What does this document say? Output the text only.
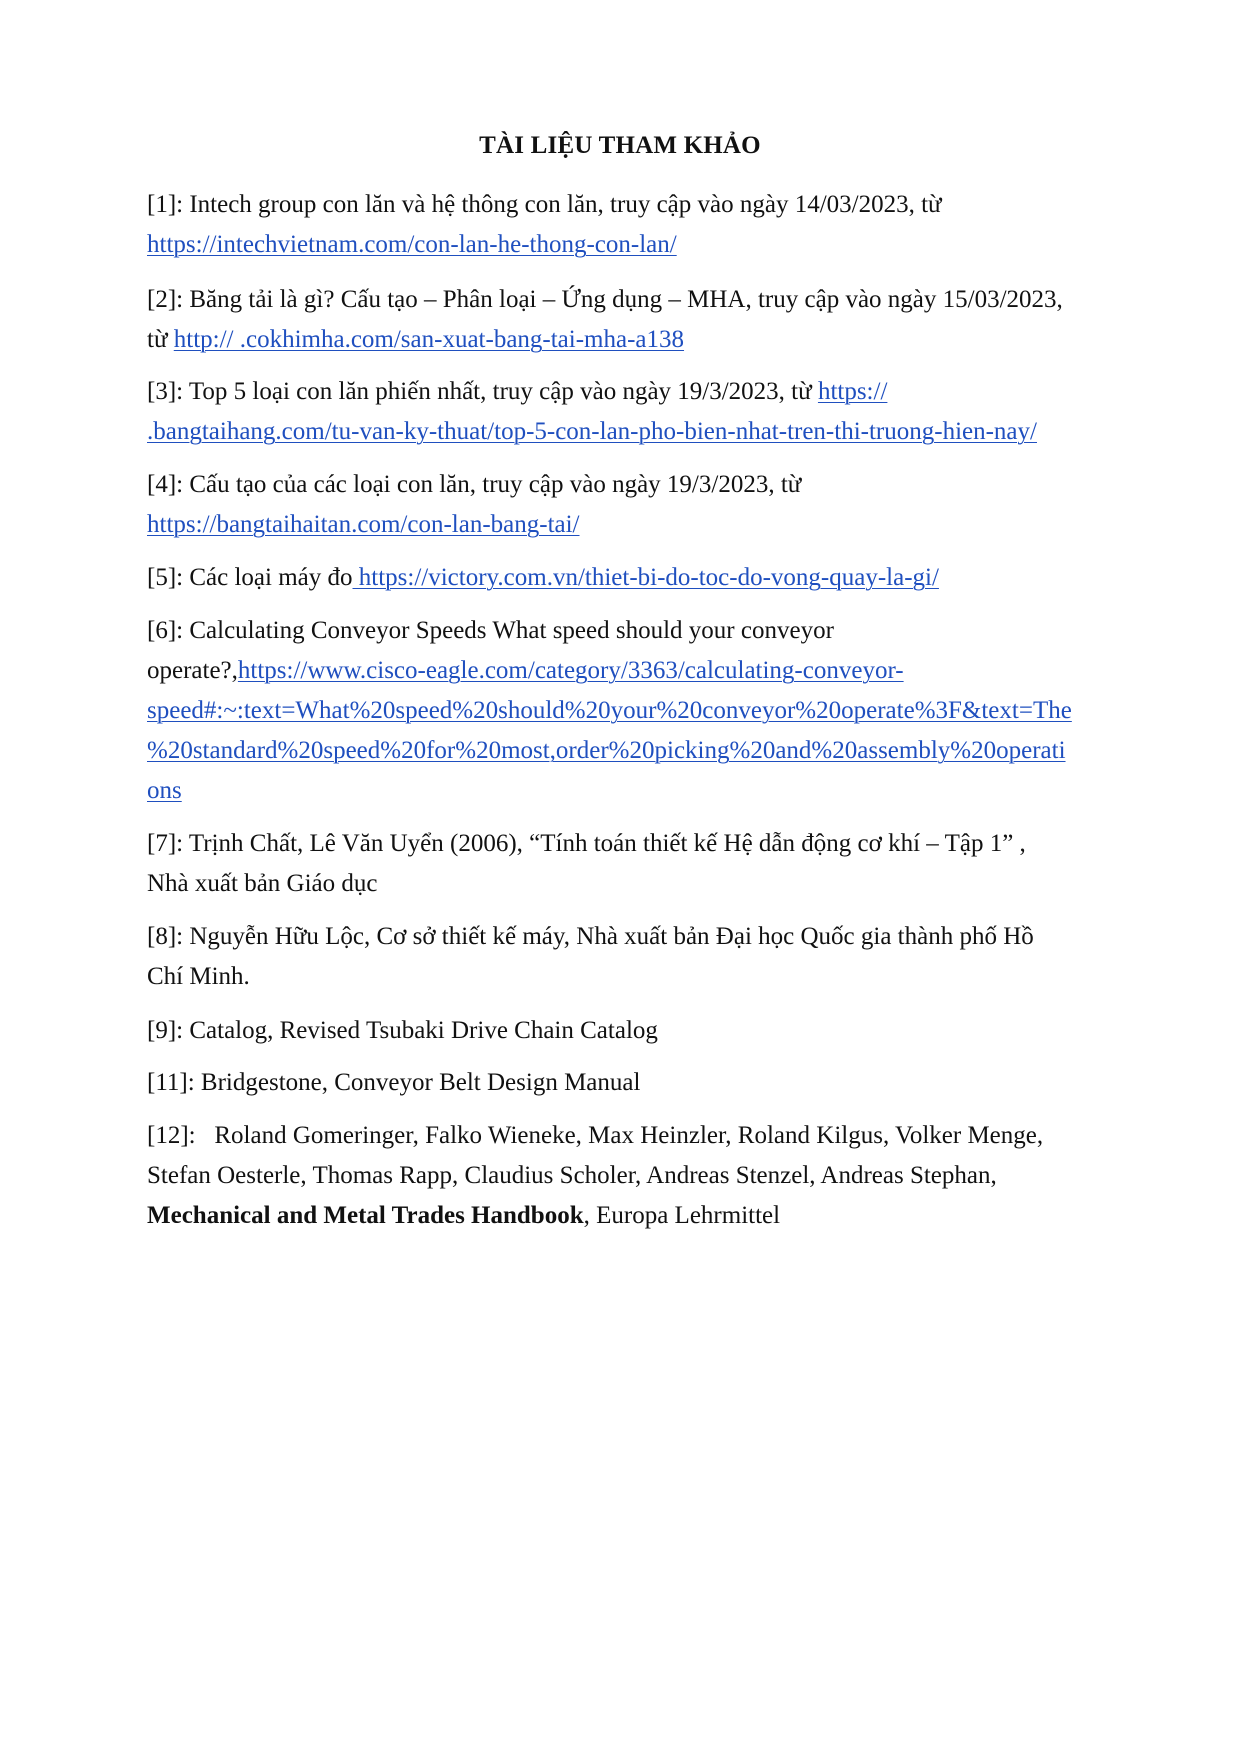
TÀI LIỆU THAM KHẢO
[1]: Intech group con lăn và hệ thông con lăn, truy cập vào ngày 14/03/2023, từ
https://intechvietnam.com/con-lan-he-thong-con-lan/
[2]: Băng tải là gì? Cấu tạo – Phân loại – Ứng dụng – MHA, truy cập vào ngày 15/03/2023,
từ http:// .cokhimha.com/san-xuat-bang-tai-mha-a138
[3]: Top 5 loại con lăn phiến nhất, truy cập vào ngày 19/3/2023, từ https://
.bangtaihang.com/tu-van-ky-thuat/top-5-con-lan-pho-bien-nhat-tren-thi-truong-hien-nay/
[4]: Cấu tạo của các loại con lăn, truy cập vào ngày 19/3/2023, từ
https://bangtaihaitan.com/con-lan-bang-tai/
[5]: Các loại máy đo https://victory.com.vn/thiet-bi-do-toc-do-vong-quay-la-gi/
[6]: Calculating Conveyor Speeds What speed should your conveyor
operate?,https://www.cisco-eagle.com/category/3363/calculating-conveyor-
speed#:~:text=What%20speed%20should%20your%20conveyor%20operate%3F&text=The
%20standard%20speed%20for%20most,order%20picking%20and%20assembly%20operati
ons
[7]: Trịnh Chất, Lê Văn Uyển (2006), “Tính toán thiết kế Hệ dẫn động cơ khí – Tập 1” ,
Nhà xuất bản Giáo dục
[8]: Nguyễn Hữu Lộc, Cơ sở thiết kế máy, Nhà xuất bản Đại học Quốc gia thành phố Hồ
Chí Minh.
[9]: Catalog, Revised Tsubaki Drive Chain Catalog
[11]: Bridgestone, Conveyor Belt Design Manual
[12]:   Roland Gomeringer, Falko Wieneke, Max Heinzler, Roland Kilgus, Volker Menge,
Stefan Oesterle, Thomas Rapp, Claudius Scholer, Andreas Stenzel, Andreas Stephan,
Mechanical and Metal Trades Handbook, Europa Lehrmittel
